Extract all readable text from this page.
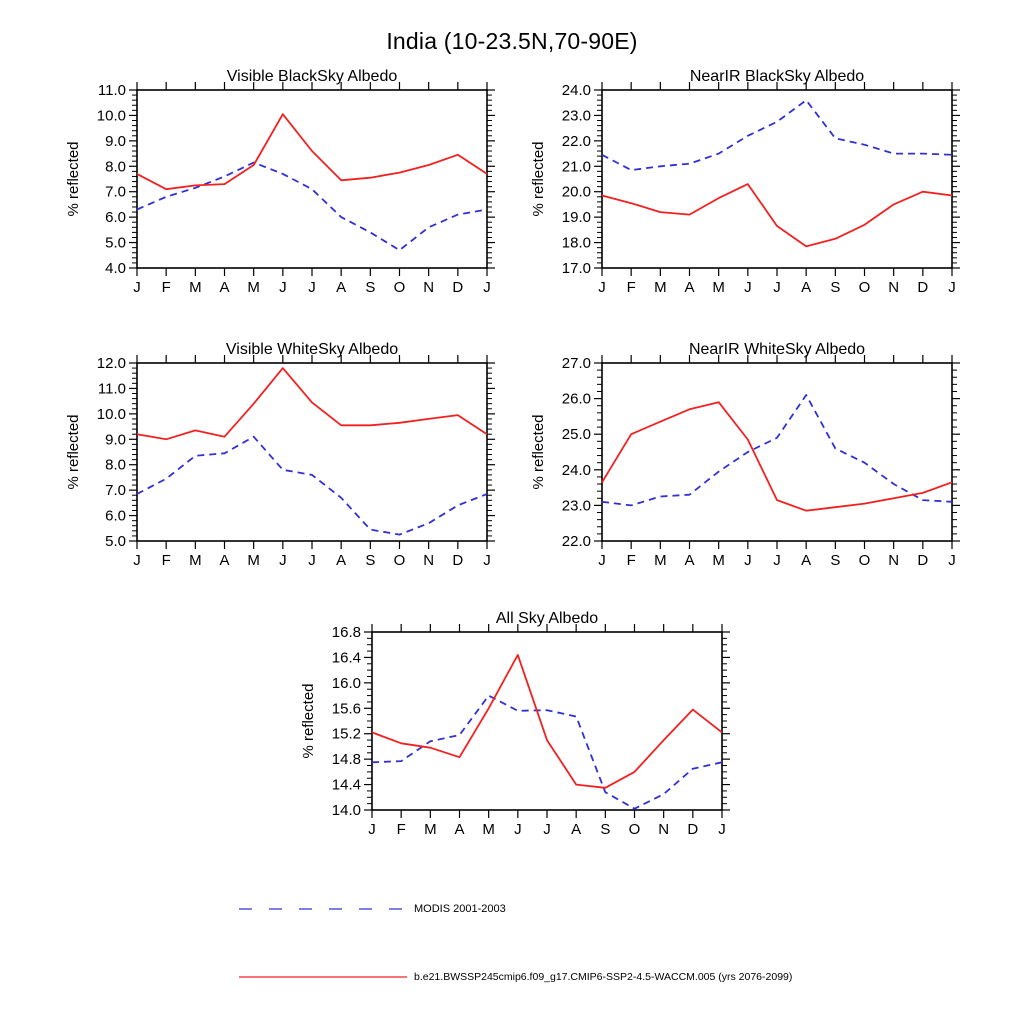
India (10-23.5N,70-90E)
Visible BlackSky Albedo
% reflected
4.0
5.0
6.0
7.0
8.0
9.0
10.0
11.0
J F M A M J J A S O N D J
NearIR BlackSky Albedo
% reflected
17.0
18.0
19.0
20.0
21.0
22.0
23.0
24.0
J F M A M J J A S O N D J
Visible WhiteSky Albedo
% reflected
5.0
6.0
7.0
8.0
9.0
10.0
11.0
12.0
J F M A M J J A S O N D J
NearIR WhiteSky Albedo
% reflected
22.0
23.0
24.0
25.0
26.0
27.0
J F M A M J J A S O N D J
All Sky Albedo
% reflected
14.0
14.4
14.8
15.2
15.6
16.0
16.4
16.8
J F M A M J J A S O N D J
MODIS 2001-2003
b.e21.BWSSP245cmip6.f09_g17.CMIP6-SSP2-4.5-WACCM.005 (yrs 2076-2099)
